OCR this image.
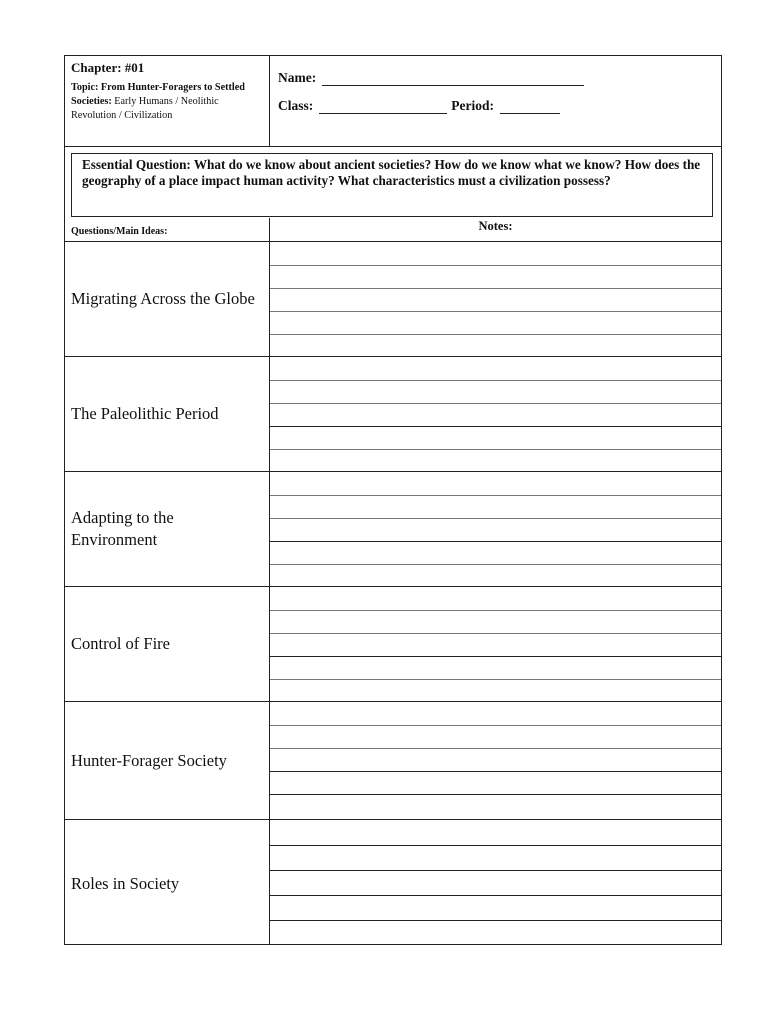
Chapter: #01
Topic: From Hunter-Foragers to Settled Societies: Early Humans / Neolithic Revolution / Civilization
Name:
Class:	Period:
Essential Question: What do we know about ancient societies? How do we know what we know? How does the geography of a place impact human activity? What characteristics must a civilization possess?
Questions/Main Ideas:	Notes:
Migrating Across the Globe
The Paleolithic Period
Adapting to the Environment
Control of Fire
Hunter-Forager Society
Roles in Society
